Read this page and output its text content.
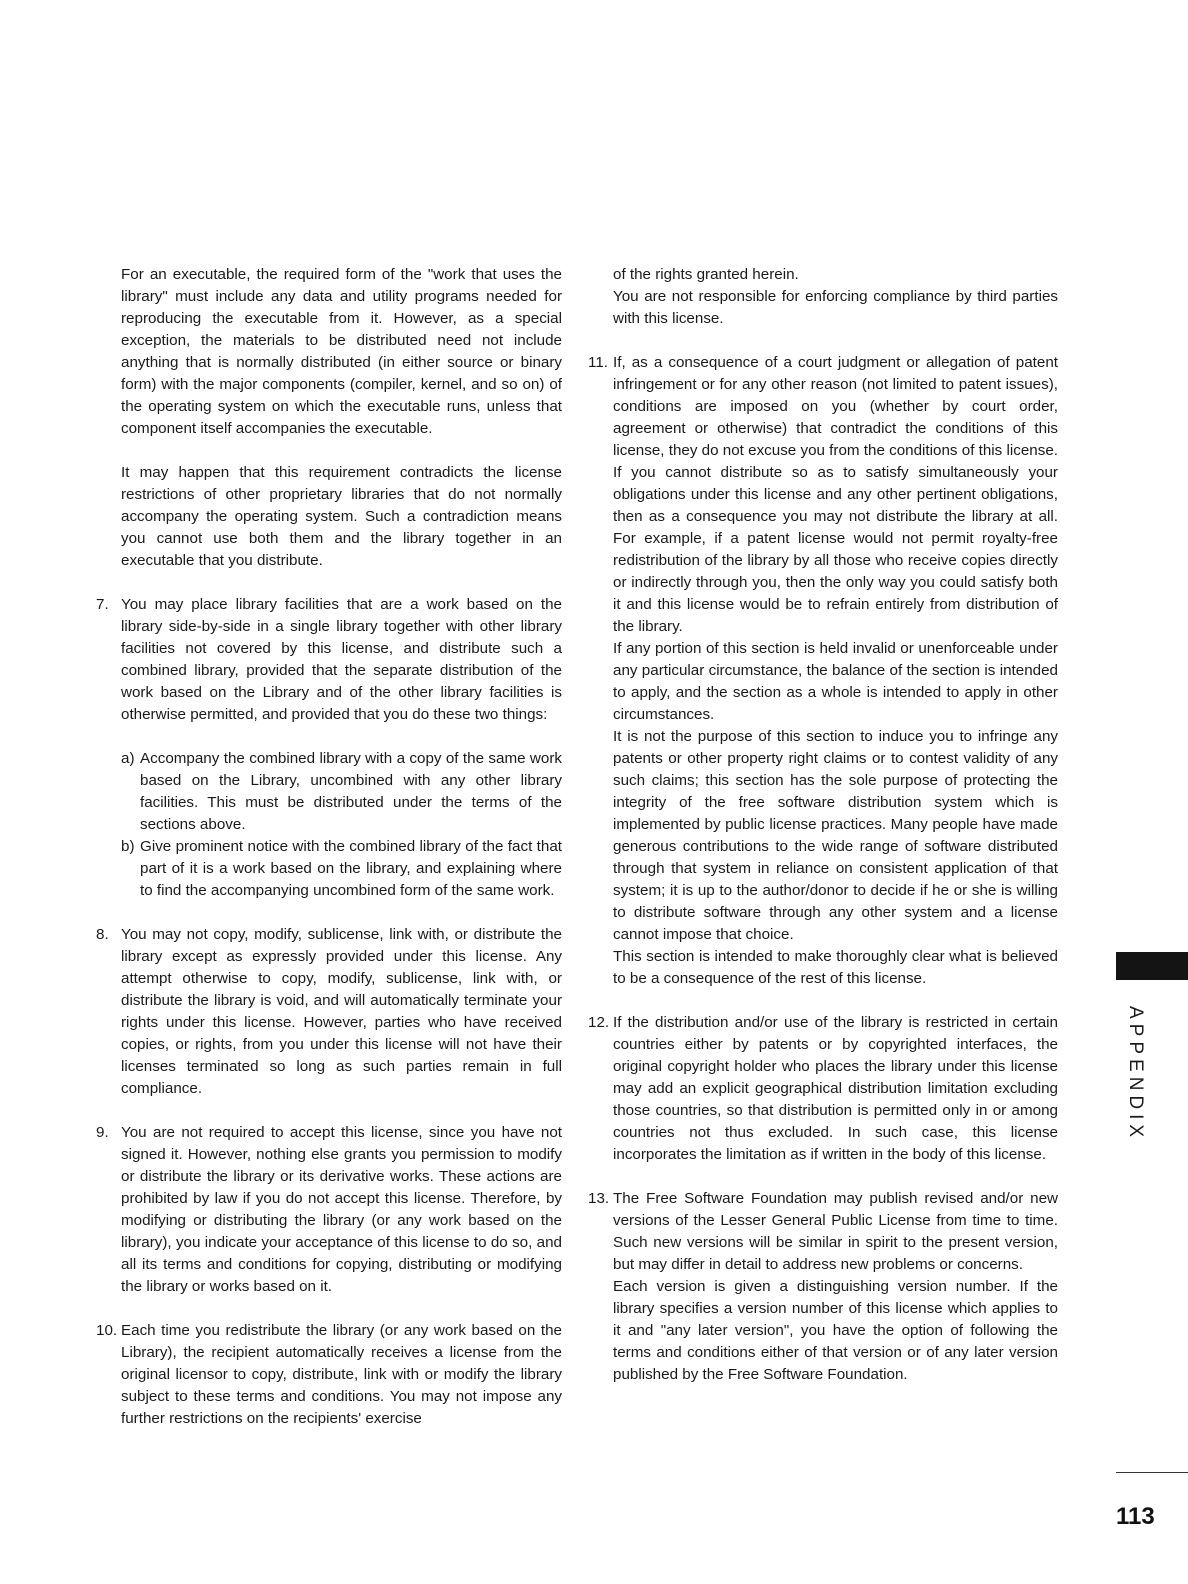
For an executable, the required form of the "work that uses the library" must include any data and utility programs needed for reproducing the executable from it. However, as a special exception, the materials to be distributed need not include anything that is normally distributed (in either source or binary form) with the major components (compiler, kernel, and so on) of the operating system on which the executable runs, unless that component itself accompanies the executable.

It may happen that this requirement contradicts the license restrictions of other proprietary libraries that do not normally accompany the operating system. Such a contradiction means you cannot use both them and the library together in an executable that you distribute.

7. You may place library facilities that are a work based on the library side-by-side in a single library together with other library facilities not covered by this license, and distribute such a combined library, provided that the separate distribution of the work based on the Library and of the other library facilities is otherwise permitted, and provided that you do these two things:

a) Accompany the combined library with a copy of the same work based on the Library, uncombined with any other library facilities. This must be distributed under the terms of the sections above.

b) Give prominent notice with the combined library of the fact that part of it is a work based on the library, and explaining where to find the accompanying uncombined form of the same work.

8. You may not copy, modify, sublicense, link with, or distribute the library except as expressly provided under this license. Any attempt otherwise to copy, modify, sublicense, link with, or distribute the library is void, and will automatically terminate your rights under this license. However, parties who have received copies, or rights, from you under this license will not have their licenses terminated so long as such parties remain in full compliance.

9. You are not required to accept this license, since you have not signed it. However, nothing else grants you permission to modify or distribute the library or its derivative works. These actions are prohibited by law if you do not accept this license. Therefore, by modifying or distributing the library (or any work based on the library), you indicate your acceptance of this license to do so, and all its terms and conditions for copying, distributing or modifying the library or works based on it.

10. Each time you redistribute the library (or any work based on the Library), the recipient automatically receives a license from the original licensor to copy, distribute, link with or modify the library subject to these terms and conditions. You may not impose any further restrictions on the recipients' exercise

of the rights granted herein.

You are not responsible for enforcing compliance by third parties with this license.

11. If, as a consequence of a court judgment or allegation of patent infringement or for any other reason (not limited to patent issues), conditions are imposed on you (whether by court order, agreement or otherwise) that contradict the conditions of this license, they do not excuse you from the conditions of this license. If you cannot distribute so as to satisfy simultaneously your obligations under this license and any other pertinent obligations, then as a consequence you may not distribute the library at all. For example, if a patent license would not permit royalty-free redistribution of the library by all those who receive copies directly or indirectly through you, then the only way you could satisfy both it and this license would be to refrain entirely from distribution of the library.

If any portion of this section is held invalid or unenforceable under any particular circumstance, the balance of the section is intended to apply, and the section as a whole is intended to apply in other circumstances.

It is not the purpose of this section to induce you to infringe any patents or other property right claims or to contest validity of any such claims; this section has the sole purpose of protecting the integrity of the free software distribution system which is implemented by public license practices. Many people have made generous contributions to the wide range of software distributed through that system in reliance on consistent application of that system; it is up to the author/donor to decide if he or she is willing to distribute software through any other system and a license cannot impose that choice.

This section is intended to make thoroughly clear what is believed to be a consequence of the rest of this license.

12. If the distribution and/or use of the library is restricted in certain countries either by patents or by copyrighted interfaces, the original copyright holder who places the library under this license may add an explicit geographical distribution limitation excluding those countries, so that distribution is permitted only in or among countries not thus excluded. In such case, this license incorporates the limitation as if written in the body of this license.

13. The Free Software Foundation may publish revised and/or new versions of the Lesser General Public License from time to time. Such new versions will be similar in spirit to the present version, but may differ in detail to address new problems or concerns.

Each version is given a distinguishing version number. If the library specifies a version number of this license which applies to it and "any later version", you have the option of following the terms and conditions either of that version or of any later version published by the Free Software Foundation.

APPENDIX
113
